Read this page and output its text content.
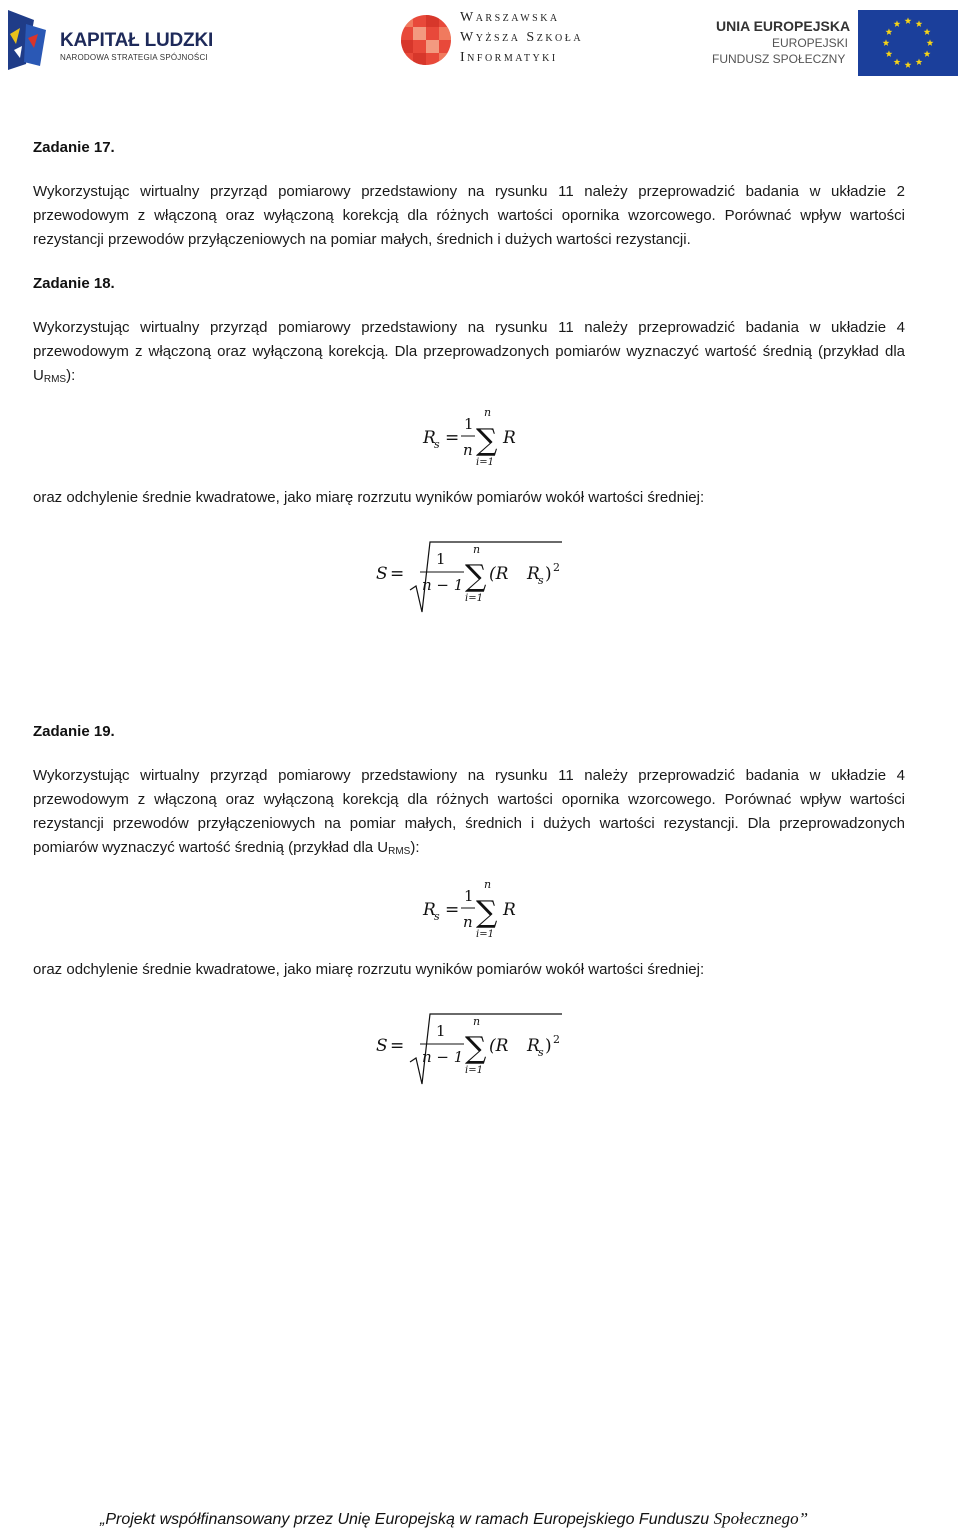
KAPITAŁ LUDZKI
NARODOWA STRATEGIA SPÓJNOŚCI
Warszawska
Wyższa Szkoła
Informatyki
UNIA EUROPEJSKA
EUROPEJSKI
FUNDUSZ SPOŁECZNY
Zadanie 17.
Wykorzystując wirtualny przyrząd pomiarowy przedstawiony na rysunku 11 należy przeprowadzić badania w układzie 2 przewodowym z włączoną oraz wyłączoną korekcją dla różnych wartości opornika wzorcowego. Porównać wpływ wartości rezystancji przewodów przyłączeniowych na pomiar małych, średnich i dużych wartości rezystancji.
Zadanie 18.
Wykorzystując wirtualny przyrząd pomiarowy przedstawiony na rysunku 11 należy przeprowadzić badania w układzie 4 przewodowym z włączoną oraz wyłączoną korekcją. Dla przeprowadzonych pomiarów wyznaczyć wartość średnią (przykład dla $U_{RMS}$):
R
s =
1
n
n
∑
i=1
R
oraz odchylenie średnie kwadratowe, jako miarę rozrzutu wyników pomiarów wokół wartości średniej:
S =
1
n − 1
n
∑
i=1
(R R
s ) 2
Zadanie 19.
Wykorzystując wirtualny przyrząd pomiarowy przedstawiony na rysunku 11 należy przeprowadzić badania w układzie 4 przewodowym z włączoną oraz wyłączoną korekcją dla różnych wartości opornika wzorcowego. Porównać wpływ wartości rezystancji przewodów przyłączeniowych na pomiar małych, średnich i dużych wartości rezystancji. Dla przeprowadzonych pomiarów wyznaczyć wartość średnią (przykład dla $U_{RMS}$):
R
s =
1
n
n
∑
i=1
R
oraz odchylenie średnie kwadratowe, jako miarę rozrzutu wyników pomiarów wokół wartości średniej:
S =
1
n − 1
n
∑
i=1
(R R
s ) 2
„Projekt współfinansowany przez Unię Europejską w ramach Europejskiego Funduszu Społecznego”
